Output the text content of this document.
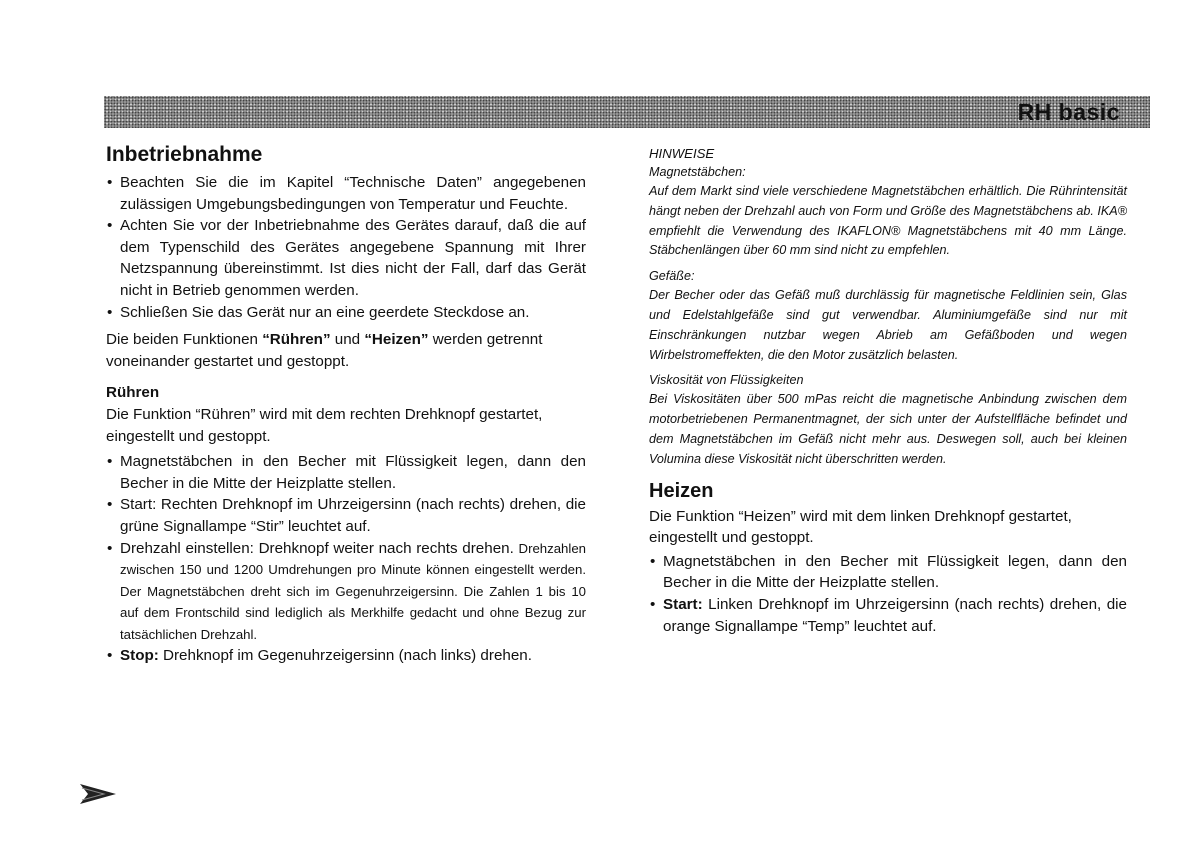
RH basic
Inbetriebnahme
• Beachten Sie die im Kapitel “Technische Daten” angegebenen zulässigen Umgebungsbedingungen von Temperatur und Feuchte.
• Achten Sie vor der Inbetriebnahme des Gerätes darauf, daß die auf dem Typenschild des Gerätes angegebene Spannung mit Ihrer Netzspannung übereinstimmt. Ist dies nicht der Fall, darf das Gerät nicht in Betrieb genommen werden.
• Schließen Sie das Gerät nur an eine geerdete Steckdose an.

Die beiden Funktionen “Rühren” und “Heizen” werden getrennt voneinander gestartet und gestoppt.

Rühren

Die Funktion “Rühren” wird mit dem rechten Drehknopf gestartet, eingestellt und gestoppt.

• Magnetstäbchen in den Becher mit Flüssigkeit legen, dann den Becher in die Mitte der Heizplatte stellen.
• Start: Rechten Drehknopf im Uhrzeigersinn (nach rechts) drehen, die grüne Signallampe “Stir” leuchtet auf.
• Drehzahl einstellen: Drehknopf weiter nach rechts drehen. Drehzahlen zwischen 150 und 1200 Umdrehungen pro Minute können eingestellt werden. Der Magnetstäbchen dreht sich im Gegenuhrzeigersinn. Die Zahlen 1 bis 10 auf dem Frontschild sind lediglich als Merkhilfe gedacht und ohne Bezug zur tatsächlichen Drehzahl.
• Stop: Drehknopf im Gegenuhrzeigersinn (nach links) drehen.

HINWEISE

Magnetstäbchen:

Auf dem Markt sind viele verschiedene Magnetstäbchen erhältlich. Die Rührintensität hängt neben der Drehzahl auch von Form und Größe des Magnetstäbchens ab. IKA® empfiehlt die Verwendung des IKAFLON® Magnetstäbchens mit 40 mm Länge. Stäbchenlängen über 60 mm sind nicht zu empfehlen.

Gefäße:

Der Becher oder das Gefäß muß durchlässig für magnetische Feldlinien sein, Glas und Edelstahlgefäße sind gut verwendbar. Aluminiumgefäße sind nur mit Einschränkungen nutzbar wegen Abrieb am Gefäßboden und wegen Wirbelstromeffekten, die den Motor zusätzlich belasten.

Viskosität von Flüssigkeiten

Bei Viskositäten über 500 mPas reicht die magnetische Anbindung zwischen dem motorbetriebenen Permanentmagnet, der sich unter der Aufstellfläche befindet und dem Magnetstäbchen im Gefäß nicht mehr aus. Deswegen soll, auch bei kleinen Volumina diese Viskosität nicht überschritten werden.

Heizen

Die Funktion “Heizen” wird mit dem linken Drehknopf gestartet, eingestellt und gestoppt.

• Magnetstäbchen in den Becher mit Flüssigkeit legen, dann den Becher in die Mitte der Heizplatte stellen.
• Start: Linken Drehknopf im Uhrzeigersinn (nach rechts) drehen, die orange Signallampe “Temp” leuchtet auf.
